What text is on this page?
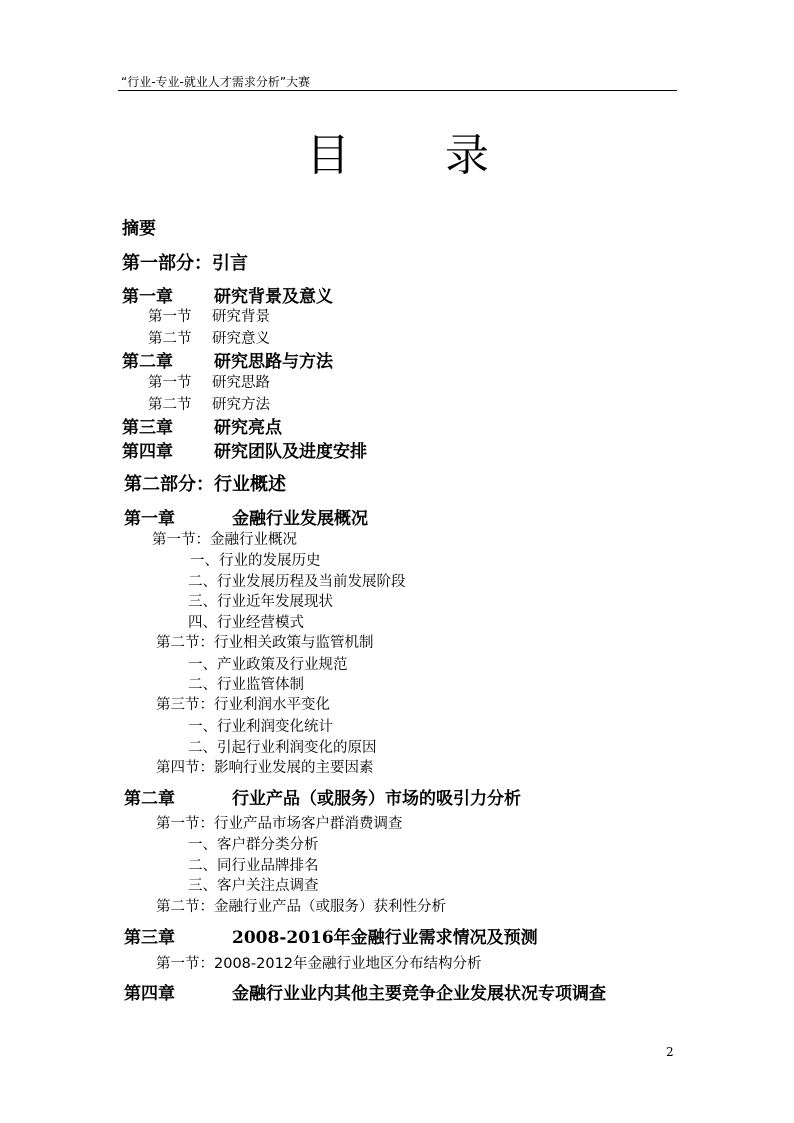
“行业-专业-就业人才需求分析”大赛
目 录
摘要
第一部分：引言
第一章 研究背景及意义
第一节 研究背景
第二节 研究意义
第二章 研究思路与方法
第一节 研究思路
第二节 研究方法
第三章 研究亮点
第四章 研究团队及进度安排
第二部分：行业概述
第一章	金融行业发展概况
第一节：金融行业概况
一、行业的发展历史
二、行业发展历程及当前发展阶段
三、行业近年发展现状
四、行业经营模式
第二节：行业相关政策与监管机制
一、产业政策及行业规范
二、行业监管体制
第三节：行业利润水平变化
一、行业利润变化统计
二、引起行业利润变化的原因
第四节：影响行业发展的主要因素
第二章	行业产品（或服务）市场的吸引力分析
第一节：行业产品市场客户群消费调查
一、客户群分类分析
二、同行业品牌排名
三、客户关注点调查
第二节：金融行业产品（或服务）获利性分析
第三章	2008-2016年金融行业需求情况及预测
第一节：2008-2012年金融行业地区分布结构分析
第四章	金融行业业内其他主要竞争企业发展状况专项调查
2
